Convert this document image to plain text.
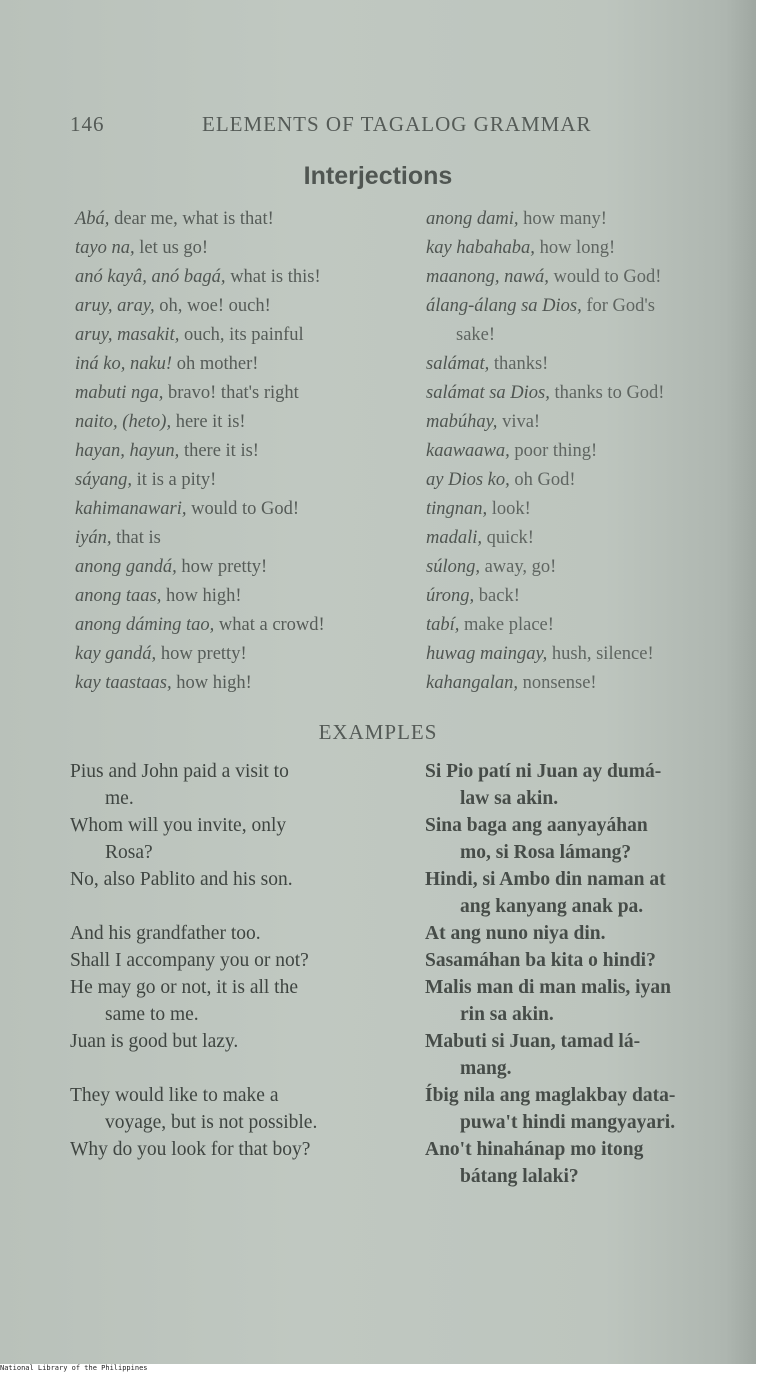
146	ELEMENTS OF TAGALOG GRAMMAR
Interjections
Abá, dear me, what is that!
tayo na, let us go!
anó kayâ, anó bagá, what is this!
aruy, aray, oh, woe! ouch!
aruy, masakit, ouch, its painful
iná ko, naku! oh mother!
mabuti nga, bravo! that's right
naito, (heto), here it is!
hayan, hayun, there it is!
sáyang, it is a pity!
kahimanawari, would to God!
iyán, that is
anong gandá, how pretty!
anong taas, how high!
anong dáming tao, what a crowd!
kay gandá, how pretty!
kay taastaas, how high!
anong dami, how many!
kay habahaba, how long!
maanong, nawá, would to God!
álang-álang sa Dios, for God's
sake!
salámat, thanks!
salámat sa Dios, thanks to God!
mabúhay, viva!
kaawaawa, poor thing!
ay Dios ko, oh God!
tingnan, look!
madali, quick!
súlong, away, go!
úrong, back!
tabí, make place!
huwag maingay, hush, silence!
kahangalan, nonsense!
EXAMPLES
Pius and John paid a visit to
me.
Whom will you invite, only
Rosa?
No, also Pablito and his son.
And his grandfather too.
Shall I accompany you or not?
He may go or not, it is all the
same to me.
Juan is good but lazy.
They would like to make a
voyage, but is not possible.
Why do you look for that boy?
Si Pio patí ni Juan ay dumá-
law sa akin.
Sina baga ang aanyayáhan
mo, si Rosa lámang?
Hindi, si Ambo din naman at
ang kanyang anak pa.
At ang nuno niya din.
Sasamáhan ba kita o hindi?
Malis man di man malis, iyan
rin sa akin.
Mabuti si Juan, tamad lá-
mang.
Íbig nila ang maglakbay data-
puwa't hindi mangyayari.
Ano't hinahánap mo itong
bátang lalaki?
National Library of the Philippines
